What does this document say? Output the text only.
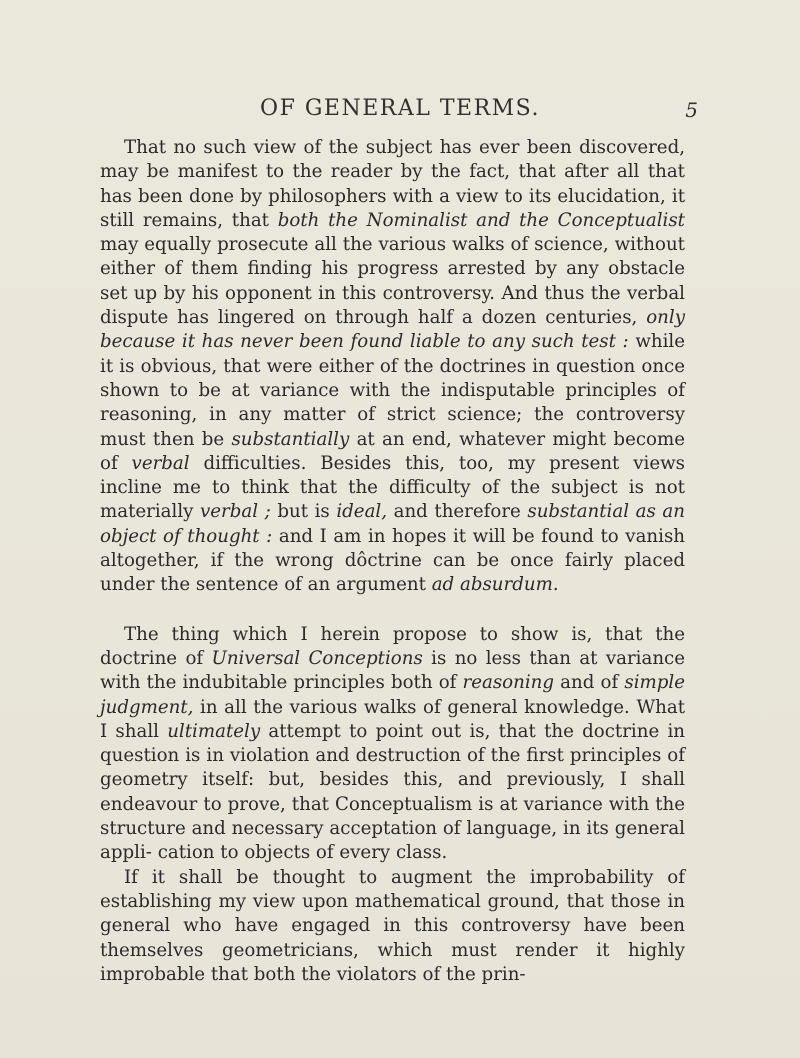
OF GENERAL TERMS.	5

That no such view of the subject has ever been discovered, may be manifest to the reader by the fact, that after all that has been done by philosophers with a view to its elucidation, it still remains, that both the Nominalist and the Conceptualist may equally prosecute all the various walks of science, without either of them finding his progress arrested by any obstacle set up by his opponent in this controversy. And thus the verbal dispute has lingered on through half a dozen centuries, only because it has never been found liable to any such test : while it is obvious, that were either of the doctrines in question once shown to be at variance with the indisputable principles of reasoning, in any matter of strict science; the controversy must then be substantially at an end, whatever might become of verbal difficulties. Besides this, too, my present views incline me to think that the difficulty of the subject is not materially verbal ; but is ideal, and therefore substantial as an object of thought : and I am in hopes it will be found to vanish altogether, if the wrong dôctrine can be once fairly placed under the sentence of an argument ad absurdum.

The thing which I herein propose to show is, that the doctrine of Universal Conceptions is no less than at variance with the indubitable principles both of reasoning and of simple judgment, in all the various walks of general knowledge. What I shall ultimately attempt to point out is, that the doctrine in question is in violation and destruction of the first principles of geometry itself: but, besides this, and previously, I shall endeavour to prove, that Conceptualism is at variance with the structure and necessary acceptation of language, in its general appli- cation to objects of every class.

If it shall be thought to augment the improbability of establishing my view upon mathematical ground, that those in general who have engaged in this controversy have been themselves geometricians, which must render it highly improbable that both the violators of the prin-
